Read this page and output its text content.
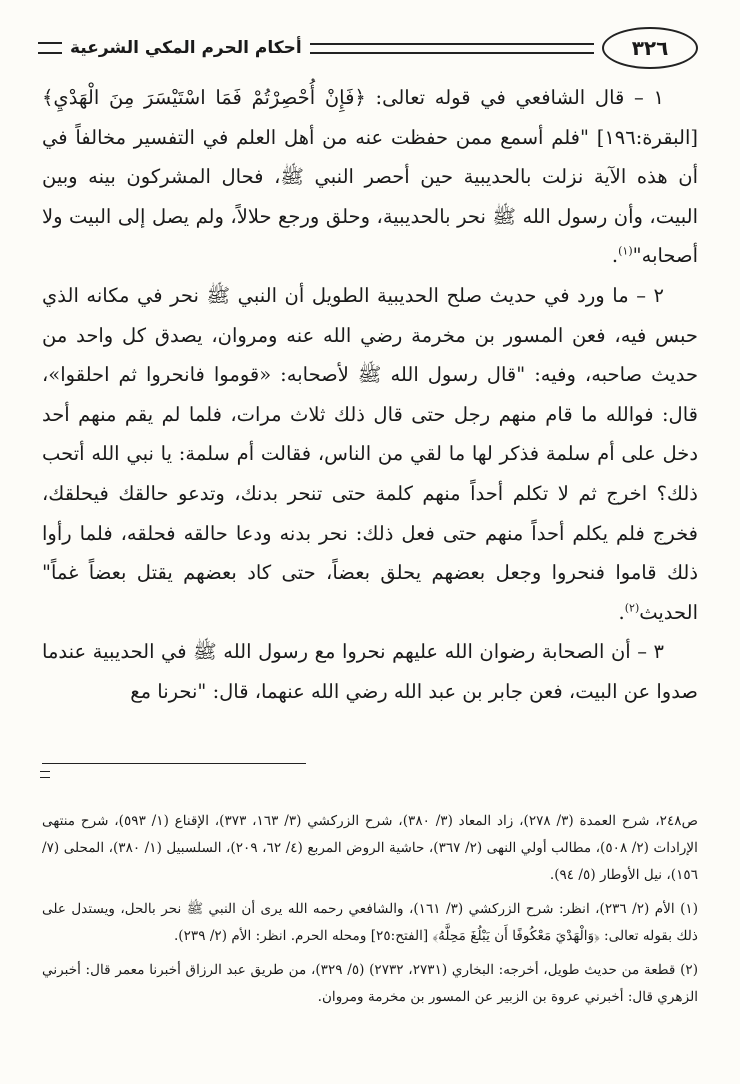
أحكام الحرم المكي الشرعية	٣٢٦

١ – قال الشافعي في قوله تعالى: ﴿فَإِنْ أُحْصِرْتُمْ فَمَا اسْتَيْسَرَ مِنَ الْهَدْيِ﴾ [البقرة:١٩٦] "فلم أسمع ممن حفظت عنه من أهل العلم في التفسير مخالفاً في أن هذه الآية نزلت بالحديبية حين أحصر النبي ﷺ، فحال المشركون بينه وبين البيت، وأن رسول الله ﷺ نحر بالحديبية، وحلق ورجع حلالاً، ولم يصل إلى البيت ولا أصحابه"$^{(١)}$.

٢ – ما ورد في حديث صلح الحديبية الطويل أن النبي ﷺ نحر في مكانه الذي حبس فيه، فعن المسور بن مخرمة رضي الله عنه ومروان، يصدق كل واحد من حديث صاحبه، وفيه: "قال رسول الله ﷺ لأصحابه: «قوموا فانحروا ثم احلقوا»، قال: فوالله ما قام منهم رجل حتى قال ذلك ثلاث مرات، فلما لم يقم منهم أحد دخل على أم سلمة فذكر لها ما لقي من الناس، فقالت أم سلمة: يا نبي الله أتحب ذلك؟ اخرج ثم لا تكلم أحداً منهم كلمة حتى تنحر بدنك، وتدعو حالقك فيحلقك، فخرج فلم يكلم أحداً منهم حتى فعل ذلك: نحر بدنه ودعا حالقه فحلقه، فلما رأوا ذلك قاموا فنحروا وجعل بعضهم يحلق بعضاً، حتى كاد بعضهم يقتل بعضاً غماً" الحديث$^{(٢)}$.

٣ – أن الصحابة رضوان الله عليهم نحروا مع رسول الله ﷺ في الحديبية عندما صدوا عن البيت، فعن جابر بن عبد الله رضي الله عنهما، قال: "نحرنا مع

ص٢٤٨، شرح العمدة (٣/ ٢٧٨)، زاد المعاد (٣/ ٣٨٠)، شرح الزركشي (٣/ ١٦٣، ٣٧٣)، الإقناع (١/ ٥٩٣)، شرح منتهى الإرادات (٢/ ٥٠٨)، مطالب أولي النهى (٢/ ٣٦٧)، حاشية الروض المربع (٤/ ٦٢، ٢٠٩)، السلسبيل (١/ ٣٨٠)، المحلى (٧/ ١٥٦)، نيل الأوطار (٥/ ٩٤).

(١) الأم (٢/ ٢٣٦)، انظر: شرح الزركشي (٣/ ١٦١)، والشافعي رحمه الله يرى أن النبي ﷺ نحر بالحل، ويستدل على ذلك بقوله تعالى: ﴿وَالْهَدْيَ مَعْكُوفًا أَن يَبْلُغَ مَحِلَّهُ﴾ [الفتح:٢٥] ومحله الحرم. انظر: الأم (٢/ ٢٣٩).

(٢) قطعة من حديث طويل، أخرجه: البخاري (٢٧٣١، ٢٧٣٢) (٥/ ٣٢٩)، من طريق عبد الرزاق أخبرنا معمر قال: أخبرني الزهري قال: أخبرني عروة بن الزبير عن المسور بن مخرمة ومروان.
